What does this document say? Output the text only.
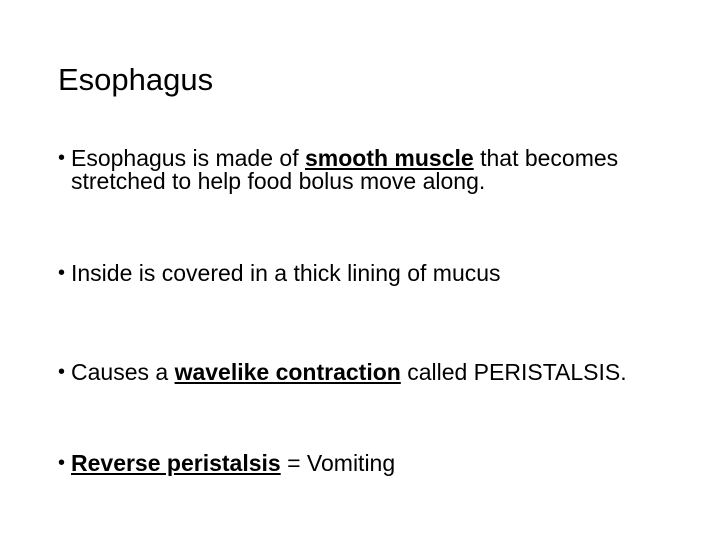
Esophagus
• Esophagus is made of smooth muscle that becomes stretched to help food bolus move along.
• Inside is covered in a thick lining of mucus
• Causes a wavelike contraction called PERISTALSIS.
• Reverse peristalsis = Vomiting
